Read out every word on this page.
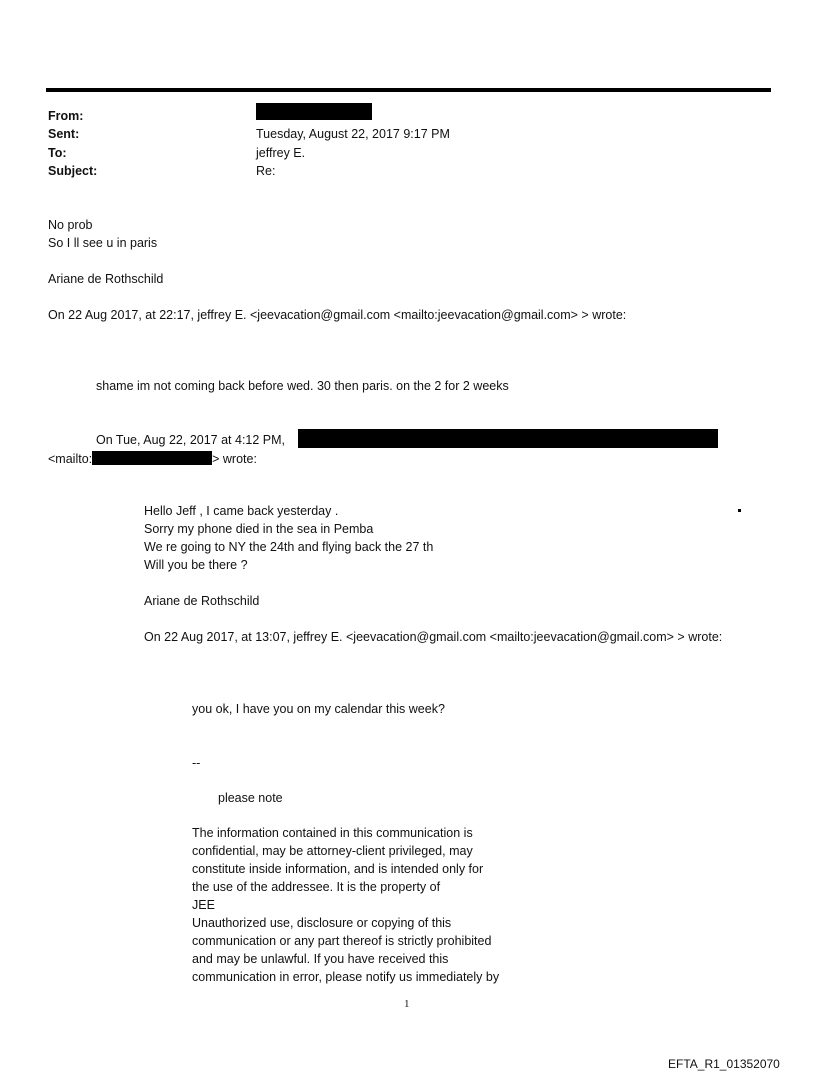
From:
Sent:	Tuesday, August 22, 2017 9:17 PM
To:	jeffrey E.
Subject:	Re:
No prob
So I ll see u in paris
Ariane de Rothschild
On 22 Aug 2017, at 22:17, jeffrey E. <jeevacation@gmail.com <mailto:jeevacation@gmail.com> > wrote:
shame im not coming back before wed. 30 then paris. on the 2 for 2 weeks
On Tue, Aug 22, 2017 at 4:12 PM,
<mailto:	> wrote:
Hello Jeff , I came back yesterday .
Sorry my phone died in the sea in Pemba
We re going to NY the 24th and flying back the 27 th
Will you be there ?
Ariane de Rothschild
On 22 Aug 2017, at 13:07, jeffrey E. <jeevacation@gmail.com <mailto:jeevacation@gmail.com> > wrote:
you ok, I have you on my calendar this week?
--
please note
The information contained in this communication is
confidential, may be attorney-client privileged, may
constitute inside information, and is intended only for
the use of the addressee. It is the property of
JEE
Unauthorized use, disclosure or copying of this
communication or any part thereof is strictly prohibited
and may be unlawful. If you have received this
communication in error, please notify us immediately by
1
EFTA_R1_01352070
